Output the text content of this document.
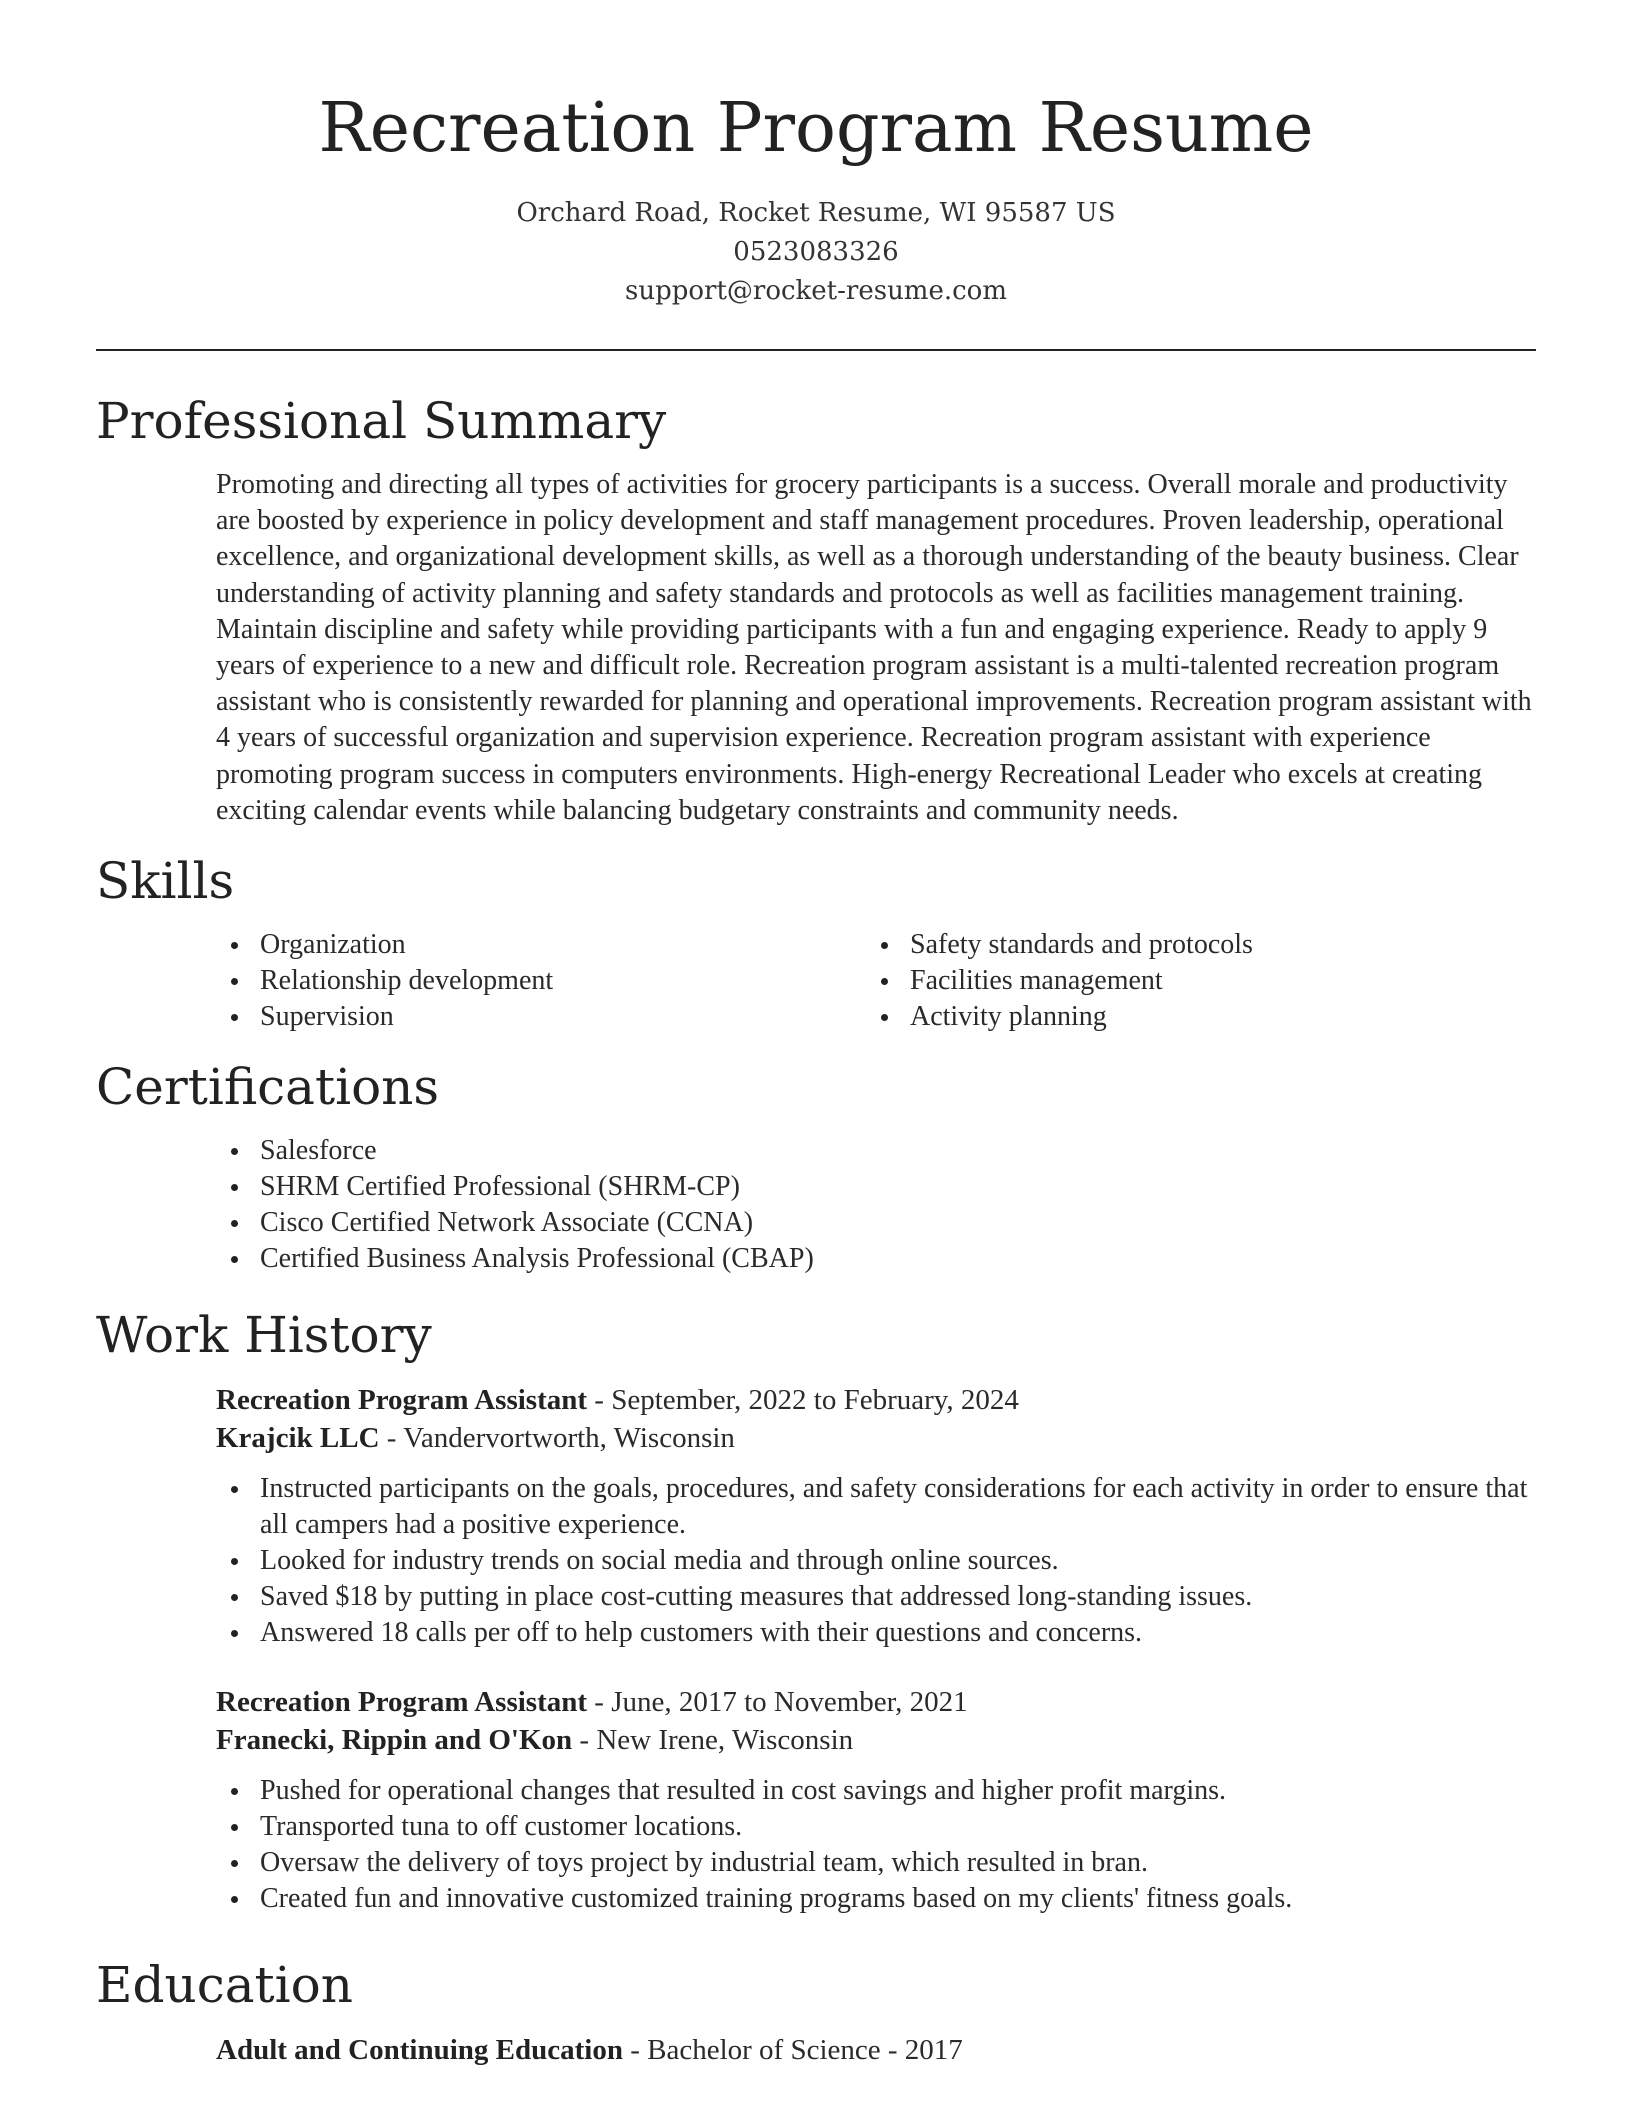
Recreation Program Resume
Orchard Road, Rocket Resume, WI 95587 US
0523083326
support@rocket-resume.com
Professional Summary

Promoting and directing all types of activities for grocery participants is a success. Overall morale and productivity are boosted by experience in policy development and staff management procedures. Proven leadership, operational excellence, and organizational development skills, as well as a thorough understanding of the beauty business. Clear understanding of activity planning and safety standards and protocols as well as facilities management training. Maintain discipline and safety while providing participants with a fun and engaging experience. Ready to apply 9 years of experience to a new and difficult role. Recreation program assistant is a multi-talented recreation program assistant who is consistently rewarded for planning and operational improvements. Recreation program assistant with 4 years of successful organization and supervision experience. Recreation program assistant with experience promoting program success in computers environments. High-energy Recreational Leader who excels at creating exciting calendar events while balancing budgetary constraints and community needs.

Skills
Organization
Relationship development
Supervision
Safety standards and protocols
Facilities management
Activity planning
Certifications
Salesforce
SHRM Certified Professional (SHRM-CP)
Cisco Certified Network Associate (CCNA)
Certified Business Analysis Professional (CBAP)
Work History
Recreation Program Assistant - September, 2022 to February, 2024
Krajcik LLC - Vandervortworth, Wisconsin
Instructed participants on the goals, procedures, and safety considerations for each activity in order to ensure that all campers had a positive experience.
Looked for industry trends on social media and through online sources.
Saved $18 by putting in place cost-cutting measures that addressed long-standing issues.
Answered 18 calls per off to help customers with their questions and concerns.
Recreation Program Assistant - June, 2017 to November, 2021
Franecki, Rippin and O'Kon - New Irene, Wisconsin
Pushed for operational changes that resulted in cost savings and higher profit margins.
Transported tuna to off customer locations.
Oversaw the delivery of toys project by industrial team, which resulted in bran.
Created fun and innovative customized training programs based on my clients' fitness goals.
Education
Adult and Continuing Education - Bachelor of Science - 2017
